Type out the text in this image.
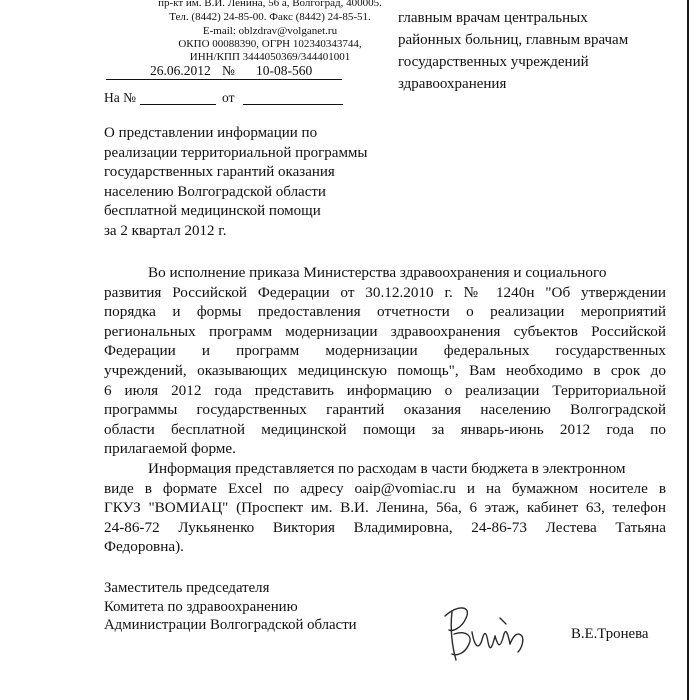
пр-кт им. В.И. Ленина, 56 а, Волгоград, 400005.
Тел. (8442) 24-85-00. Факс (8442) 24-85-51.
E-mail: oblzdrav@volganet.ru
ОКПО 00088390, ОГРН 102340343744,
ИНН/КПП 3444050369/344401001
26.06.2012 № 10-08-560
На №	от
главным врачам центральных
районных больниц, главным врачам
государственных учреждений
здравоохранения
О представлении информации по
реализации территориальной программы
государственных гарантий оказания
населению Волгоградской области
бесплатной медицинской помощи
за 2 квартал 2012 г.
Во исполнение приказа Министерства здравоохранения и социального
развития Российской Федерации от 30.12.2010 г. № 1240н "Об утверждении
порядка и формы предоставления отчетности о реализации мероприятий
региональных программ модернизации здравоохранения субъектов Российской
Федерации и программ модернизации федеральных государственных
учреждений, оказывающих медицинскую помощь", Вам необходимо в срок до
6 июля 2012 года представить информацию о реализации Территориальной
программы государственных гарантий оказания населению Волгоградской
области бесплатной медицинской помощи за январь-июнь 2012 года по
прилагаемой форме.
Информация представляется по расходам в части бюджета в электронном
виде в формате Excel по адресу oaip@vomiac.ru и на бумажном носителе в
ГКУЗ "ВОМИАЦ" (Проспект им. В.И. Ленина, 56а, 6 этаж, кабинет 63, телефон
24-86-72 Лукьяненко Виктория Владимировна, 24-86-73 Лестева Татьяна
Федоровна).
Заместитель председателя
Комитета по здравоохранению
Администрации Волгоградской области
В.Е.Тронева
